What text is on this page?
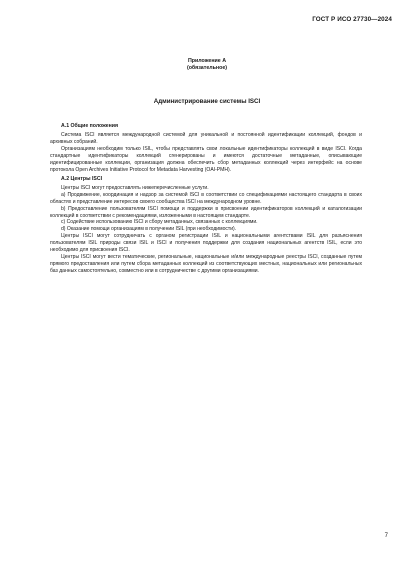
ГОСТ Р ИСО 27730—2024
Приложение А
(обязательное)
Администрирование системы ISCI
А.1 Общие положения

Система ISCI является международной системой для уникальной и постоянной идентификации коллекций, фондов и архивных собраний.

Организациям необходим только ISIL, чтобы представлять свои локальные идентификаторы коллекций в виде ISCI. Когда стандартные идентификаторы коллекций сгенерированы и имеются достаточные метаданные, описывающие идентифицированные коллекции, организация должна обеспечить сбор метаданных коллекций через интерфейс на основе протокола Open Archives Initiative Protocol for Metadata Harvesting (OAI-PMH).

А.2 Центры ISCI

Центры ISCI могут предоставлять нижеперечисленные услуги.

a) Продвижение, координация и надзор за системой ISCI в соответствии со спецификациями настоящего стандарта в своих областях и представление интересов своего сообщества ISCI на международном уровне.

b) Предоставление пользователям ISCI помощи и поддержки в присвоении идентификаторов коллекций и каталогизации коллекций в соответствии с рекомендациями, изложенными в настоящем стандарте.

c) Содействие использованию ISCI и сбору метаданных, связанных с коллекциями.

d) Оказание помощи организациям в получении ISIL (при необходимости).

Центры ISCI могут сотрудничать с органом регистрации ISIL и национальными агентствами ISIL для разъяснения пользователям ISIL природы связи ISIL и ISCI и получения поддержки для создания национальных агентств ISIL, если это необходимо для присвоения ISCI.

Центры ISCI могут вести тематические, региональные, национальные и/или международные реестры ISCI, созданные путем прямого предоставления или путем сбора метаданных коллекций из соответствующих местных, национальных или региональных баз данных самостоятельно, совместно или в сотрудничестве с другими организациями.

7
